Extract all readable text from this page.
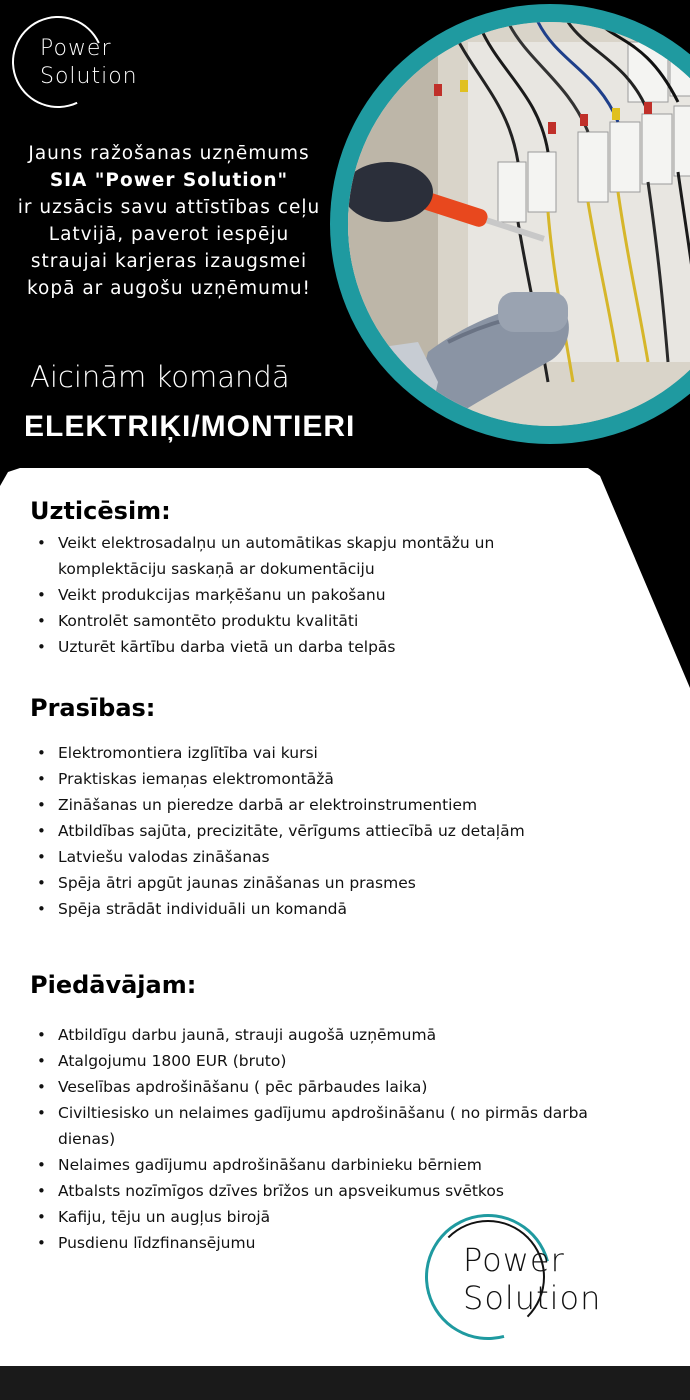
Power
Solution
Jauns ražošanas uzņēmums
SIA "Power Solution"
ir uzsācis savu attīstības ceļu Latvijā, paverot iespēju straujai karjeras izaugsmei kopā ar augošu uzņēmumu!
Aicinām komandā
ELEKTRIĶI/MONTIERI
Uzticēsim:
• Veikt elektrosadalņu un automātikas skapju montāžu un komplektāciju saskaņā ar dokumentāciju
• Veikt produkcijas marķēšanu un pakošanu
• Kontrolēt samontēto produktu kvalitāti
• Uzturēt kārtību darba vietā un darba telpās
Prasības:
• Elektromontiera izglītība vai kursi
• Praktiskas iemaņas elektromontāžā
• Zināšanas un pieredze darbā ar elektroinstrumentiem
• Atbildības sajūta, precizitāte, vērīgums attiecībā uz detaļām
• Latviešu valodas zināšanas
• Spēja ātri apgūt jaunas zināšanas un prasmes
• Spēja strādāt individuāli un komandā
Piedāvājam:
• Atbildīgu darbu jaunā, strauji augošā uzņēmumā
• Atalgojumu 1800 EUR (bruto)
• Veselības apdrošināšanu ( pēc pārbaudes laika)
• Civiltiesisko un nelaimes gadījumu apdrošināšanu ( no pirmās darba dienas)
• Nelaimes gadījumu apdrošināšanu darbinieku bērniem
• Atbalsts nozīmīgos dzīves brīžos un apsveikumus svētkos
• Kafiju, tēju un augļus birojā
• Pusdienu līdzfinansējumu	Power
Solution
